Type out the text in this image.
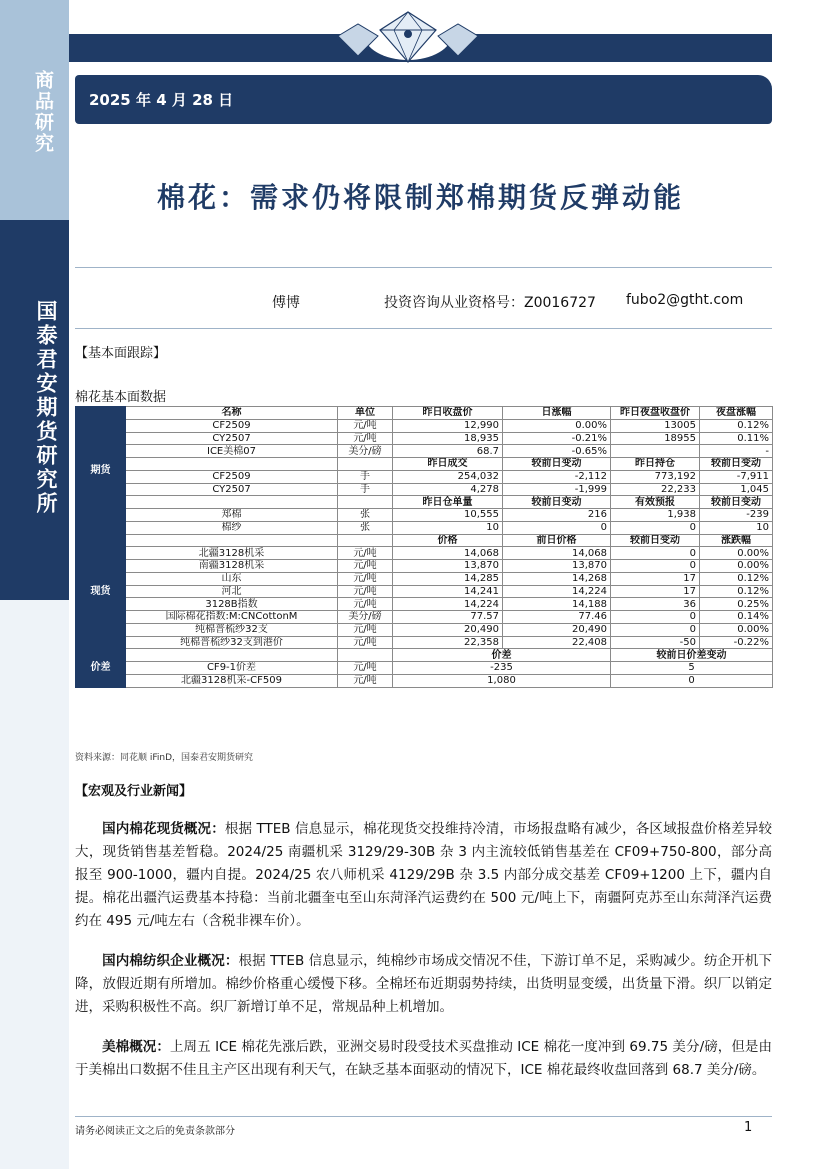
商品研究
国泰君安期货研究所
2025 年 4 月 28 日
棉花：需求仍将限制郑棉期货反弹动能
傅博	投资咨询从业资格号：Z0016727 fubo2@gtht.com
【基本面跟踪】
棉花基本面数据
期货	名称	单位	昨日收盘价	日涨幅	昨日夜盘收盘价	夜盘涨幅
	CF2509	元/吨	12,990	0.00%	13005	0.12%
	CY2507	元/吨	18,935	-0.21%	18955	0.11%
	ICE美棉07	美分/磅	68.7	-0.65%		-
			昨日成交	较前日变动	昨日持仓	较前日变动
	CF2509	手	254,032	-2,112	773,192	-7,911
	CY2507	手	4,278	-1,999	22,233	1,045
			昨日仓单量	较前日变动	有效预报	较前日变动
	郑棉	张	10,555	216	1,938	-239
	棉纱	张	10	0	0	10
现货			价格	前日价格	较前日变动	涨跌幅
	北疆3128机采	元/吨	14,068	14,068	0	0.00%
	南疆3128机采	元/吨	13,870	13,870	0	0.00%
	山东	元/吨	14,285	14,268	17	0.12%
	河北	元/吨	14,241	14,224	17	0.12%
	3128B指数	元/吨	14,224	14,188	36	0.25%
	国际棉花指数:M:CNCottonM	美分/磅	77.57	77.46	0	0.14%
	纯棉普梳纱32支	元/吨	20,490	20,490	0	0.00%
	纯棉普梳纱32支到港价	元/吨	22,358	22,408	-50	-0.22%
价差			价差		较前日价差变动	
	CF9-1价差	元/吨	-235		5	
	北疆3128机采-CF509	元/吨	1,080		0	
资料来源：同花顺 iFinD，国泰君安期货研究
【宏观及行业新闻】
国内棉花现货概况：根据 TTEB 信息显示，棉花现货交投维持冷清，市场报盘略有减少，各区域报盘价格差异较大，现货销售基差暂稳。2024/25 南疆机采 3129/29-30B 杂 3 内主流较低销售基差在 CF09+750-800，部分高报至 900-1000，疆内自提。2024/25 农八师机采 4129/29B 杂 3.5 内部分成交基差 CF09+1200 上下，疆内自提。棉花出疆汽运费基本持稳：当前北疆奎屯至山东菏泽汽运费约在 500 元/吨上下，南疆阿克苏至山东菏泽汽运费约在 495 元/吨左右（含税非裸车价）。
国内棉纺织企业概况：根据 TTEB 信息显示，纯棉纱市场成交情况不佳，下游订单不足，采购减少。纺企开机下降，放假近期有所增加。棉纱价格重心缓慢下移。全棉坯布近期弱势持续，出货明显变缓，出货量下滑。织厂以销定进，采购积极性不高。织厂新增订单不足，常规品种上机增加。
美棉概况：上周五 ICE 棉花先涨后跌，亚洲交易时段受技术买盘推动 ICE 棉花一度冲到 69.75 美分/磅，但是由于美棉出口数据不佳且主产区出现有利天气，在缺乏基本面驱动的情况下，ICE 棉花最终收盘回落到 68.7 美分/磅。
请务必阅读正文之后的免责条款部分	1
